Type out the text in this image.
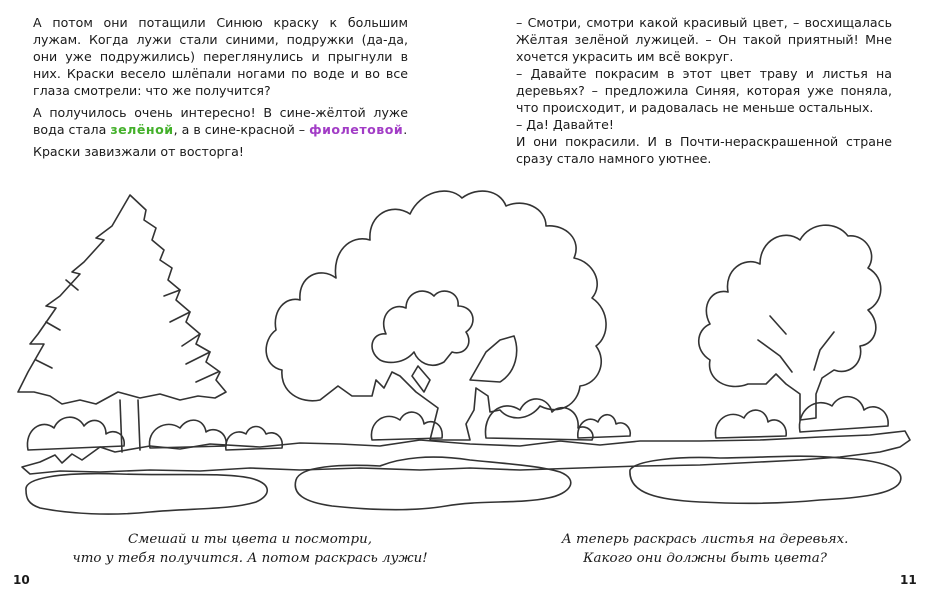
А потом они потащили Синюю краску к большим лужам. Когда лужи стали синими, подружки (да-да, они уже подружились) переглянулись и прыгнули в них. Краски весело шлёпали ногами по воде и во все глаза смотрели: что же получится?

А получилось очень интересно! В сине-жёлтой луже вода стала зелёной, а в сине-красной – фиолетовой.

Краски завизжали от восторга!

– Смотри, смотри какой красивый цвет, – восхищалась Жёлтая зелёной лужицей. – Он такой приятный! Мне хочется украсить им всё вокруг.

– Давайте покрасим в этот цвет траву и листья на деревьях? – предложила Синяя, которая уже поняла, что происходит, и радовалась не меньше остальных.

– Да! Давайте!

И они покрасили. И в Почти-нераскрашенной стране сразу стало намного уютнее.

Смешай и ты цвета и посмотри,
что у тебя получится. А потом раскрась лужи!
А теперь раскрась листья на деревьях.
Какого они должны быть цвета?
10	11
